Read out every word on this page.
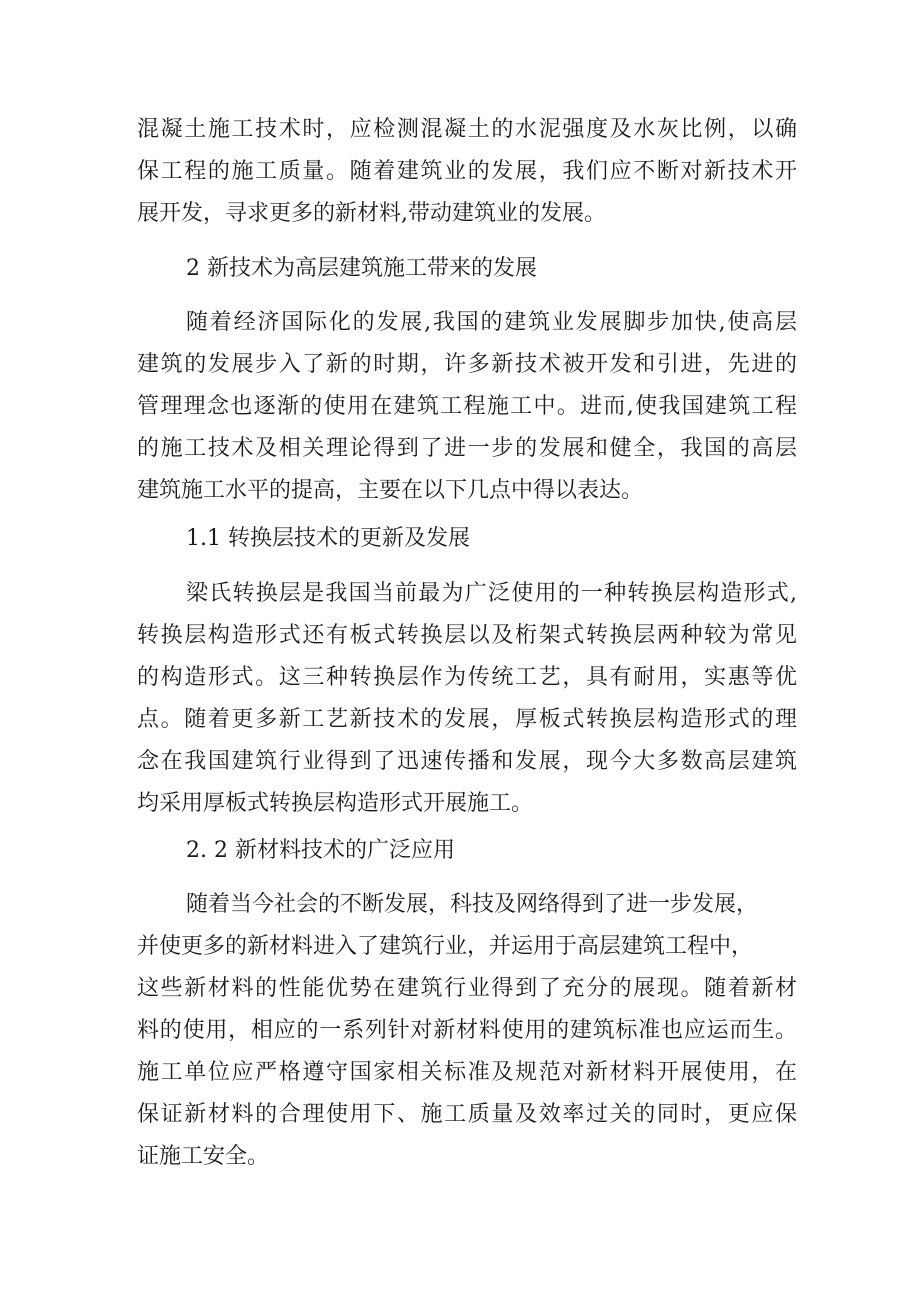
混凝土施工技术时，应检测混凝土的水泥强度及水灰比例，以确
保工程的施工质量。随着建筑业的发展，我们应不断对新技术开
展开发，寻求更多的新材料,带动建筑业的发展。
2 新技术为高层建筑施工带来的发展
随着经济国际化的发展,我国的建筑业发展脚步加快,使高层
建筑的发展步入了新的时期，许多新技术被开发和引进，先进的
管理理念也逐渐的使用在建筑工程施工中。进而,使我国建筑工程
的施工技术及相关理论得到了进一步的发展和健全，我国的高层
建筑施工水平的提高，主要在以下几点中得以表达。
1.1 转换层技术的更新及发展
梁氏转换层是我国当前最为广泛使用的一种转换层构造形式,
转换层构造形式还有板式转换层以及桁架式转换层两种较为常见
的构造形式。这三种转换层作为传统工艺，具有耐用，实惠等优
点。随着更多新工艺新技术的发展，厚板式转换层构造形式的理
念在我国建筑行业得到了迅速传播和发展，现今大多数高层建筑
均采用厚板式转换层构造形式开展施工。
2. 2 新材料技术的广泛应用
随着当今社会的不断发展，科技及网络得到了进一步发展，
并使更多的新材料进入了建筑行业，并运用于高层建筑工程中，
这些新材料的性能优势在建筑行业得到了充分的展现。随着新材
料的使用，相应的一系列针对新材料使用的建筑标准也应运而生。
施工单位应严格遵守国家相关标准及规范对新材料开展使用，在
保证新材料的合理使用下、施工质量及效率过关的同时，更应保
证施工安全。
